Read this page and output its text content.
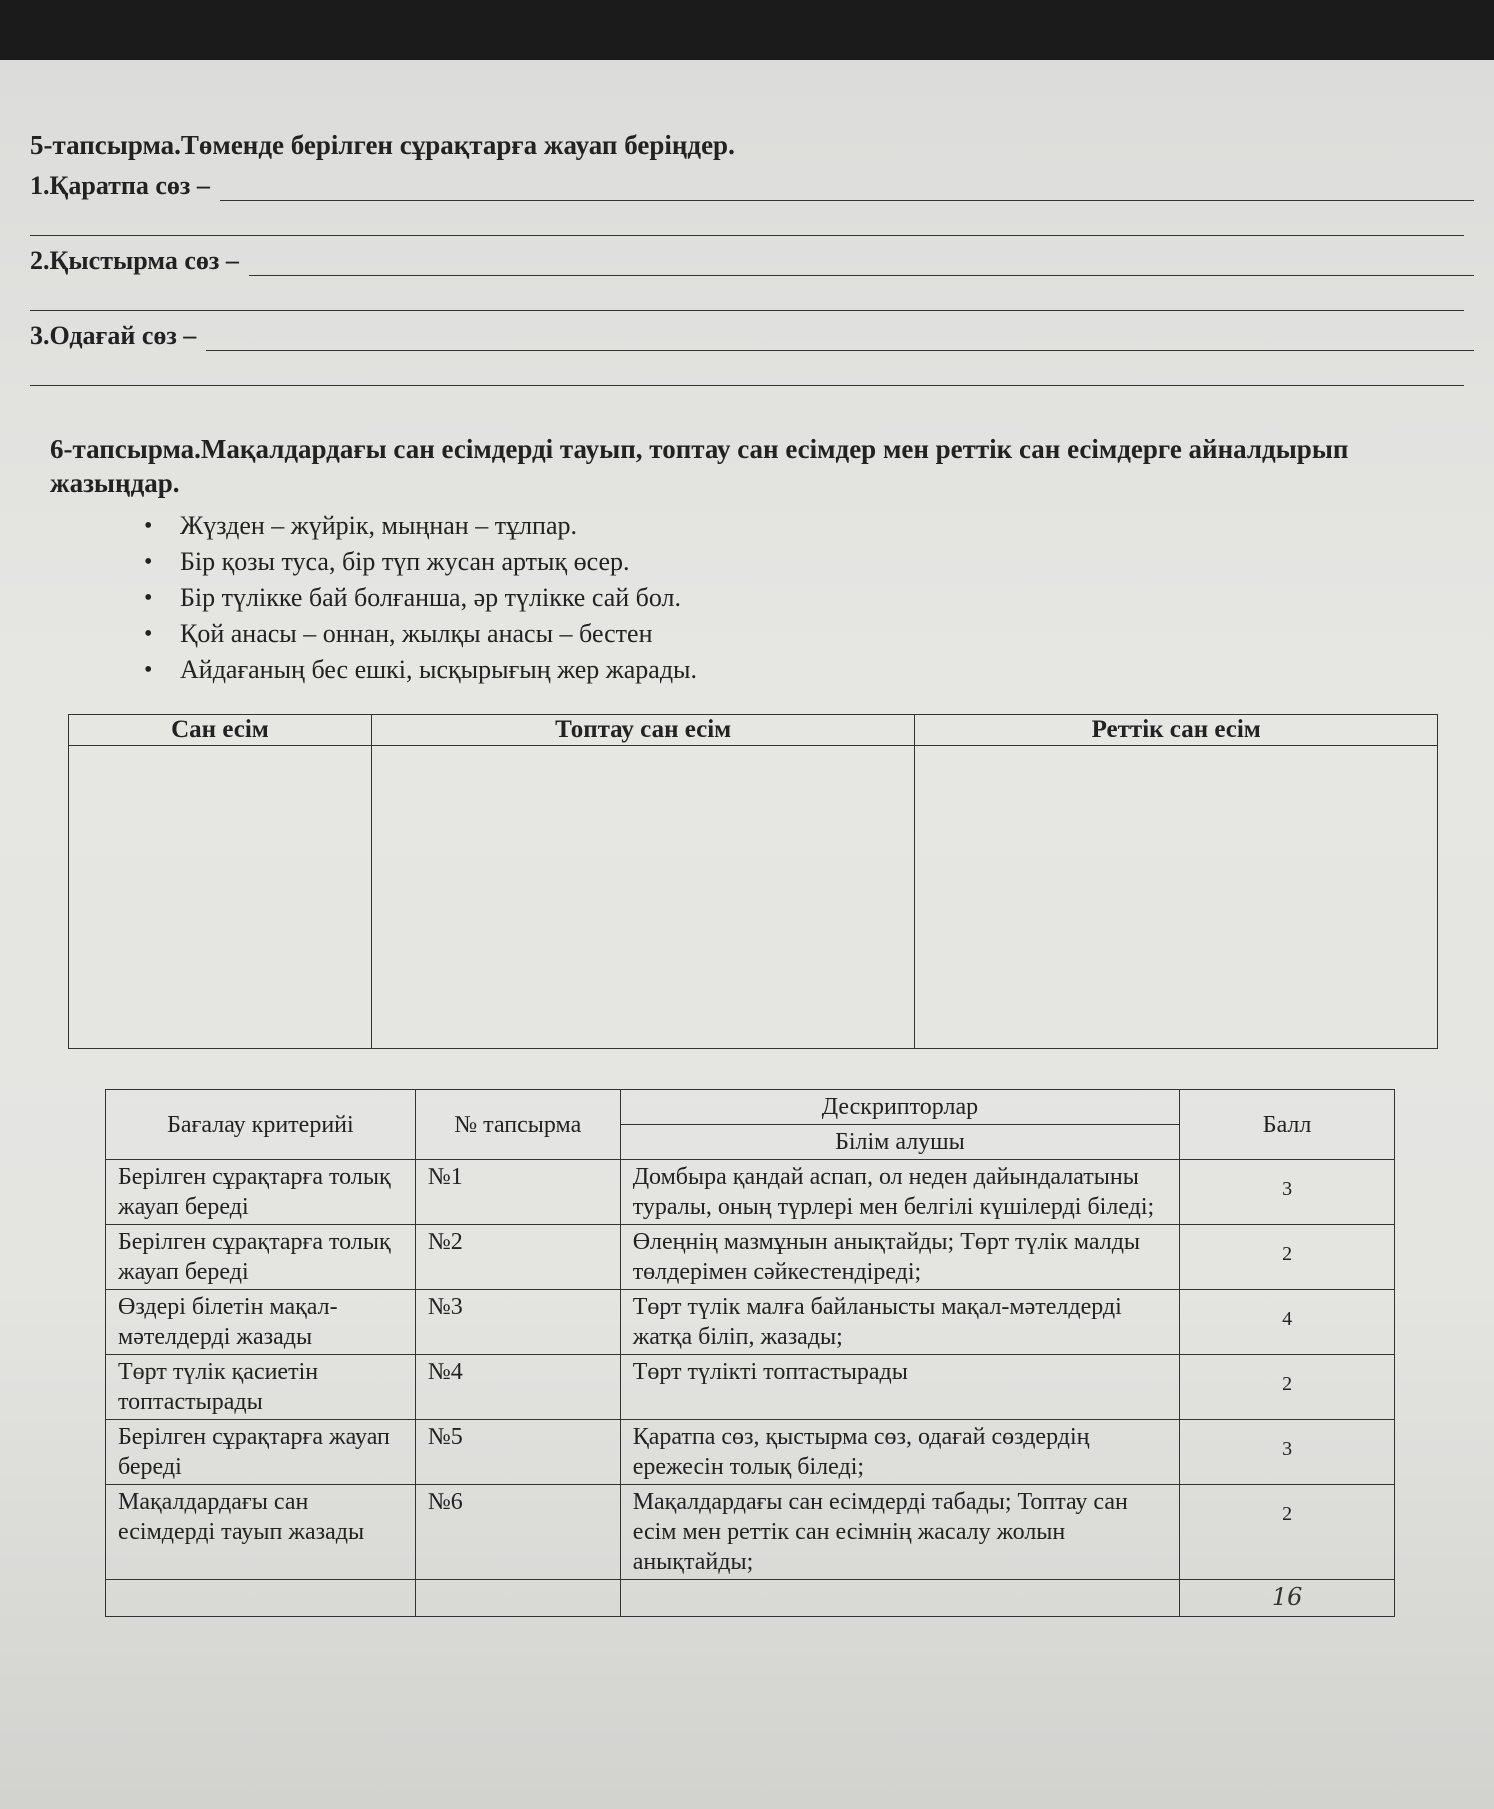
5-тапсырма.Төменде берілген сұрақтарға жауап беріңдер.

1.Қаратпа сөз –
2.Қыстырма сөз –
3.Одағай сөз –

6-тапсырма.Мақалдардағы сан есімдерді тауып, топтау сан есімдер мен реттік сан есімдерге айналдырып жазыңдар.

• Жүзден – жүйрік, мыңнан – тұлпар.
• Бір қозы туса, бір түп жусан артық өсер.
• Бір түлікке бай болғанша, әр түлікке сай бол.
• Қой анасы – оннан, жылқы анасы – бестен
• Айдағаның бес ешкі, ысқырығың жер жарады.
Сан есім	Топтау сан есім	Реттік сан есім

Бағалау критерийі	№ тапсырма	Дескрипторлар	Балл
		Білім алушы	
Берілген сұрақтарға толық жауап береді	№1	Домбыра қандай аспап, ол неден дайындалатыны туралы, оның түрлері мен белгілі күшілерді біледі;	3
Берілген сұрақтарға толық жауап береді	№2	Өлеңнің мазмұнын анықтайды; Төрт түлік малды төлдерімен сәйкестендіреді;	2
Өздері білетін мақал-мәтелдерді жазады	№3	Төрт түлік малға байланысты мақал-мәтелдерді жатқа біліп, жазады;	4
Төрт түлік қасиетін топтастырады	№4	Төрт түлікті топтастырады	2
Берілген сұрақтарға жауап береді	№5	Қаратпа сөз, қыстырма сөз, одағай сөздердің ережесін толық біледі;	3
Мақалдардағы сан есімдерді тауып жазады	№6	Мақалдардағы сан есімдерді табады; Топтау сан есім мен реттік сан есімнің жасалу жолын анықтайды;	2
			16
